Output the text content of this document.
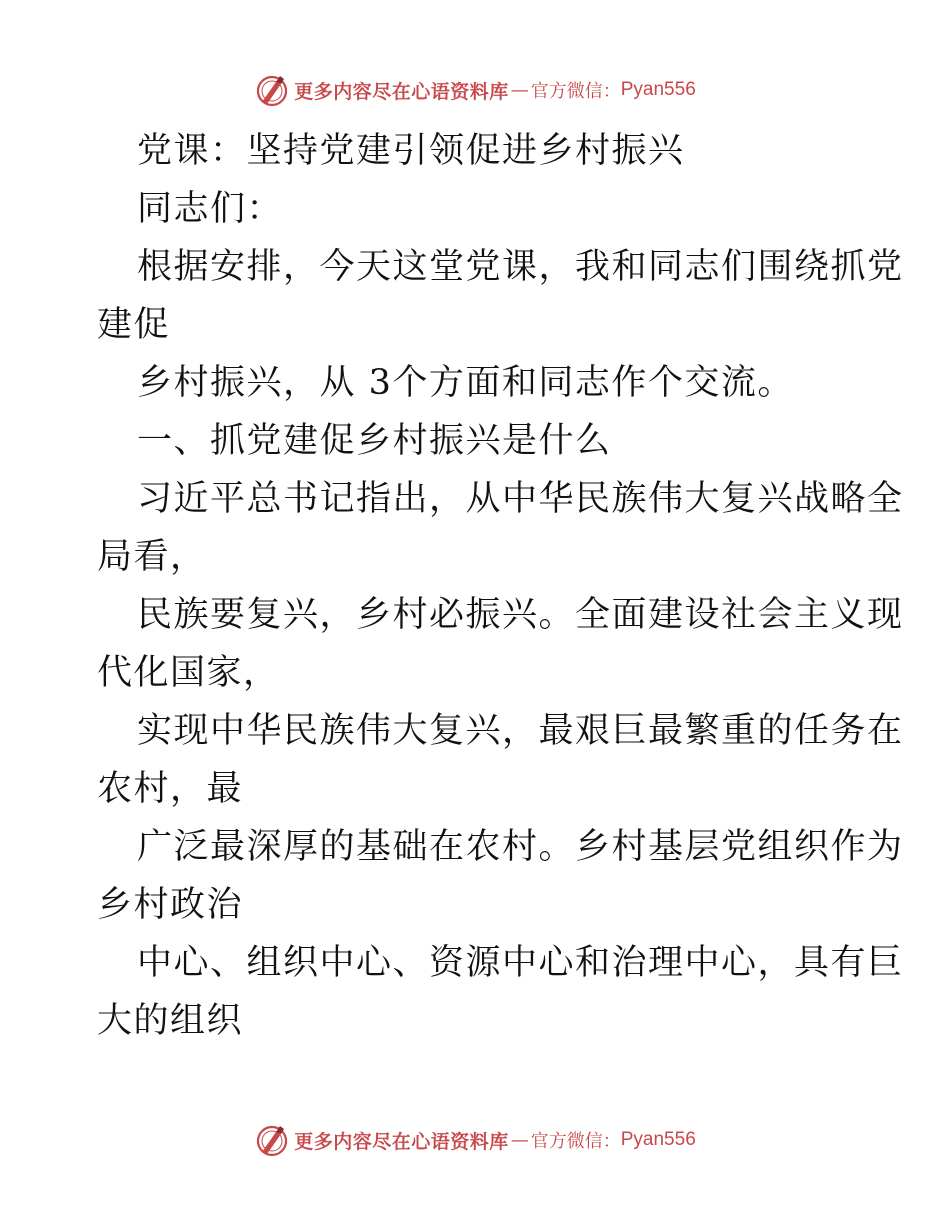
更多内容尽在心语资料库 — 官方微信： Pyan556
党课：坚持党建引领促进乡村振兴
同志们：
根据安排，今天这堂党课，我和同志们围绕抓党
建促
乡村振兴，从 3个方面和同志作个交流。
一、抓党建促乡村振兴是什么
习近平总书记指出，从中华民族伟大复兴战略全
局看，
民族要复兴，乡村必振兴。全面建设社会主义现
代化国家，
实现中华民族伟大复兴，最艰巨最繁重的任务在
农村，最
广泛最深厚的基础在农村。乡村基层党组织作为
乡村政治
中心、组织中心、资源中心和治理中心，具有巨
大的组织
更多内容尽在心语资料库 — 官方微信： Pyan556
